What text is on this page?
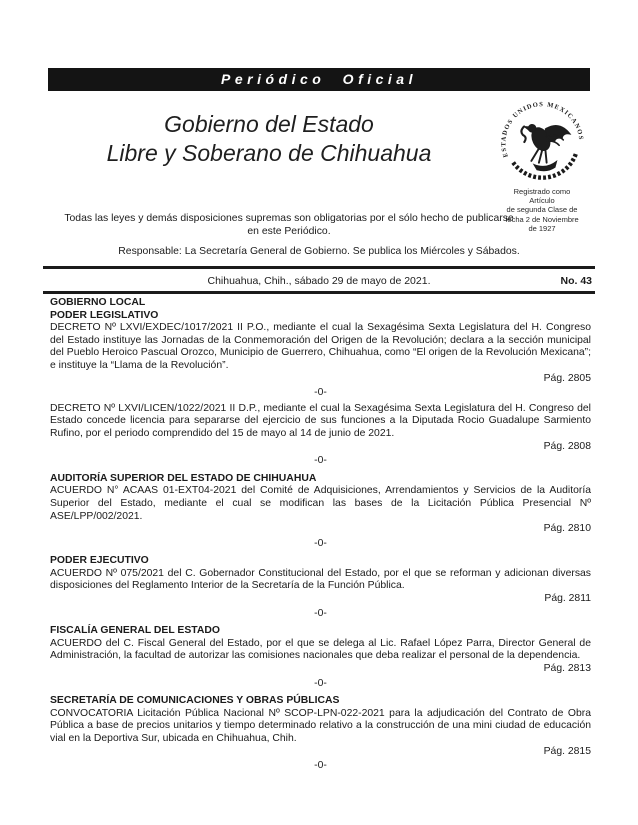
Periódico Oficial
Gobierno del Estado
Libre y Soberano de Chihuahua	ESTADOS UNIDOS MEXICANOS
Registrado como
Artículo
de segunda Clase de
fecha 2 de Noviembre
de 1927
Todas las leyes y demás disposiciones supremas son obligatorias por el sólo hecho de publicarse
en este Periódico.
Responsable: La Secretaría General de Gobierno. Se publica los Miércoles y Sábados.
Chihuahua, Chih., sábado 29 de mayo de 2021.	No. 43
GOBIERNO LOCAL
PODER LEGISLATIVO

DECRETO Nº LXVI/EXDEC/1017/2021 II P.O., mediante el cual la Sexagésima Sexta Legislatura del H. Congreso del Estado instituye las Jornadas de la Conmemoración del Origen de la Revolución; declara a la sección municipal del Pueblo Heroico Pascual Orozco, Municipio de Guerrero, Chihuahua, como “El origen de la Revolución Mexicana”; e instituye la “Llama de la Revolución”.

Pág. 2805
-0-

DECRETO Nº LXVI/LICEN/1022/2021 II D.P., mediante el cual la Sexagésima Sexta Legislatura del H. Congreso del Estado concede licencia para separarse del ejercicio de sus funciones a la Diputada Rocio Guadalupe Sarmiento Rufino, por el periodo comprendido del 15 de mayo al 14 de junio de 2021.

Pág. 2808
-0-
AUDITORÍA SUPERIOR DEL ESTADO DE CHIHUAHUA

ACUERDO N° ACAAS 01-EXT04-2021 del Comité de Adquisiciones, Arrendamientos y Servicios de la Auditoría Superior del Estado, mediante el cual se modifican las bases de la Licitación Pública Presencial Nº ASE/LPP/002/2021.

Pág. 2810
-0-
PODER EJECUTIVO

ACUERDO Nº 075/2021 del C. Gobernador Constitucional del Estado, por el que se reforman y adicionan diversas disposiciones del Reglamento Interior de la Secretaría de la Función Pública.

Pág. 2811
-0-
FISCALÍA GENERAL DEL ESTADO

ACUERDO del C. Fiscal General del Estado, por el que se delega al Lic. Rafael López Parra, Director General de Administración, la facultad de autorizar las comisiones nacionales que deba realizar el personal de la dependencia.

Pág. 2813
-0-
SECRETARÍA DE COMUNICACIONES Y OBRAS PÚBLICAS

CONVOCATORIA Licitación Pública Nacional Nº SCOP-LPN-022-2021 para la adjudicación del Contrato de Obra Pública a base de precios unitarios y tiempo determinado relativo a la construcción de una mini ciudad de educación vial en la Deportiva Sur, ubicada en Chihuahua, Chih.

Pág. 2815
-0-
